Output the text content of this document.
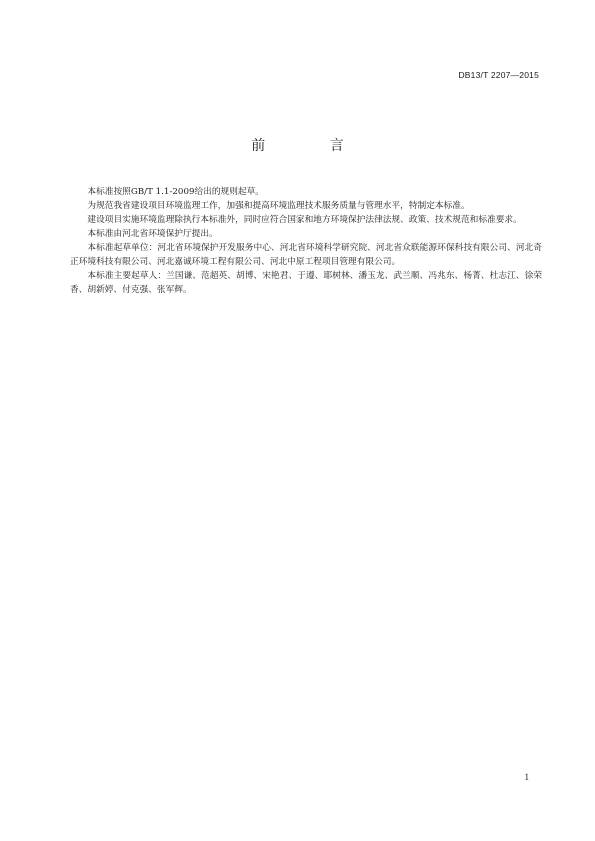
DB13/T 2207—2015
前 言

本标准按照GB/T 1.1-2009给出的规则起草。

为规范我省建设项目环境监理工作，加强和提高环境监理技术服务质量与管理水平，特制定本标准。

建设项目实施环境监理除执行本标准外，同时应符合国家和地方环境保护法律法规、政策、技术规范和标准要求。

本标准由河北省环境保护厅提出。

本标准起草单位：河北省环境保护开发服务中心、河北省环境科学研究院、河北省众联能源环保科技有限公司、河北奇正环境科技有限公司、河北嘉诚环境工程有限公司、河北中原工程项目管理有限公司。

本标准主要起草人：兰国谦、范超英、胡博、宋艳君、于遵、耶树林、潘玉龙、武兰顺、冯兆东、杨菁、杜志江、徐荣香、胡新婷、付克强、张军辉。

1
